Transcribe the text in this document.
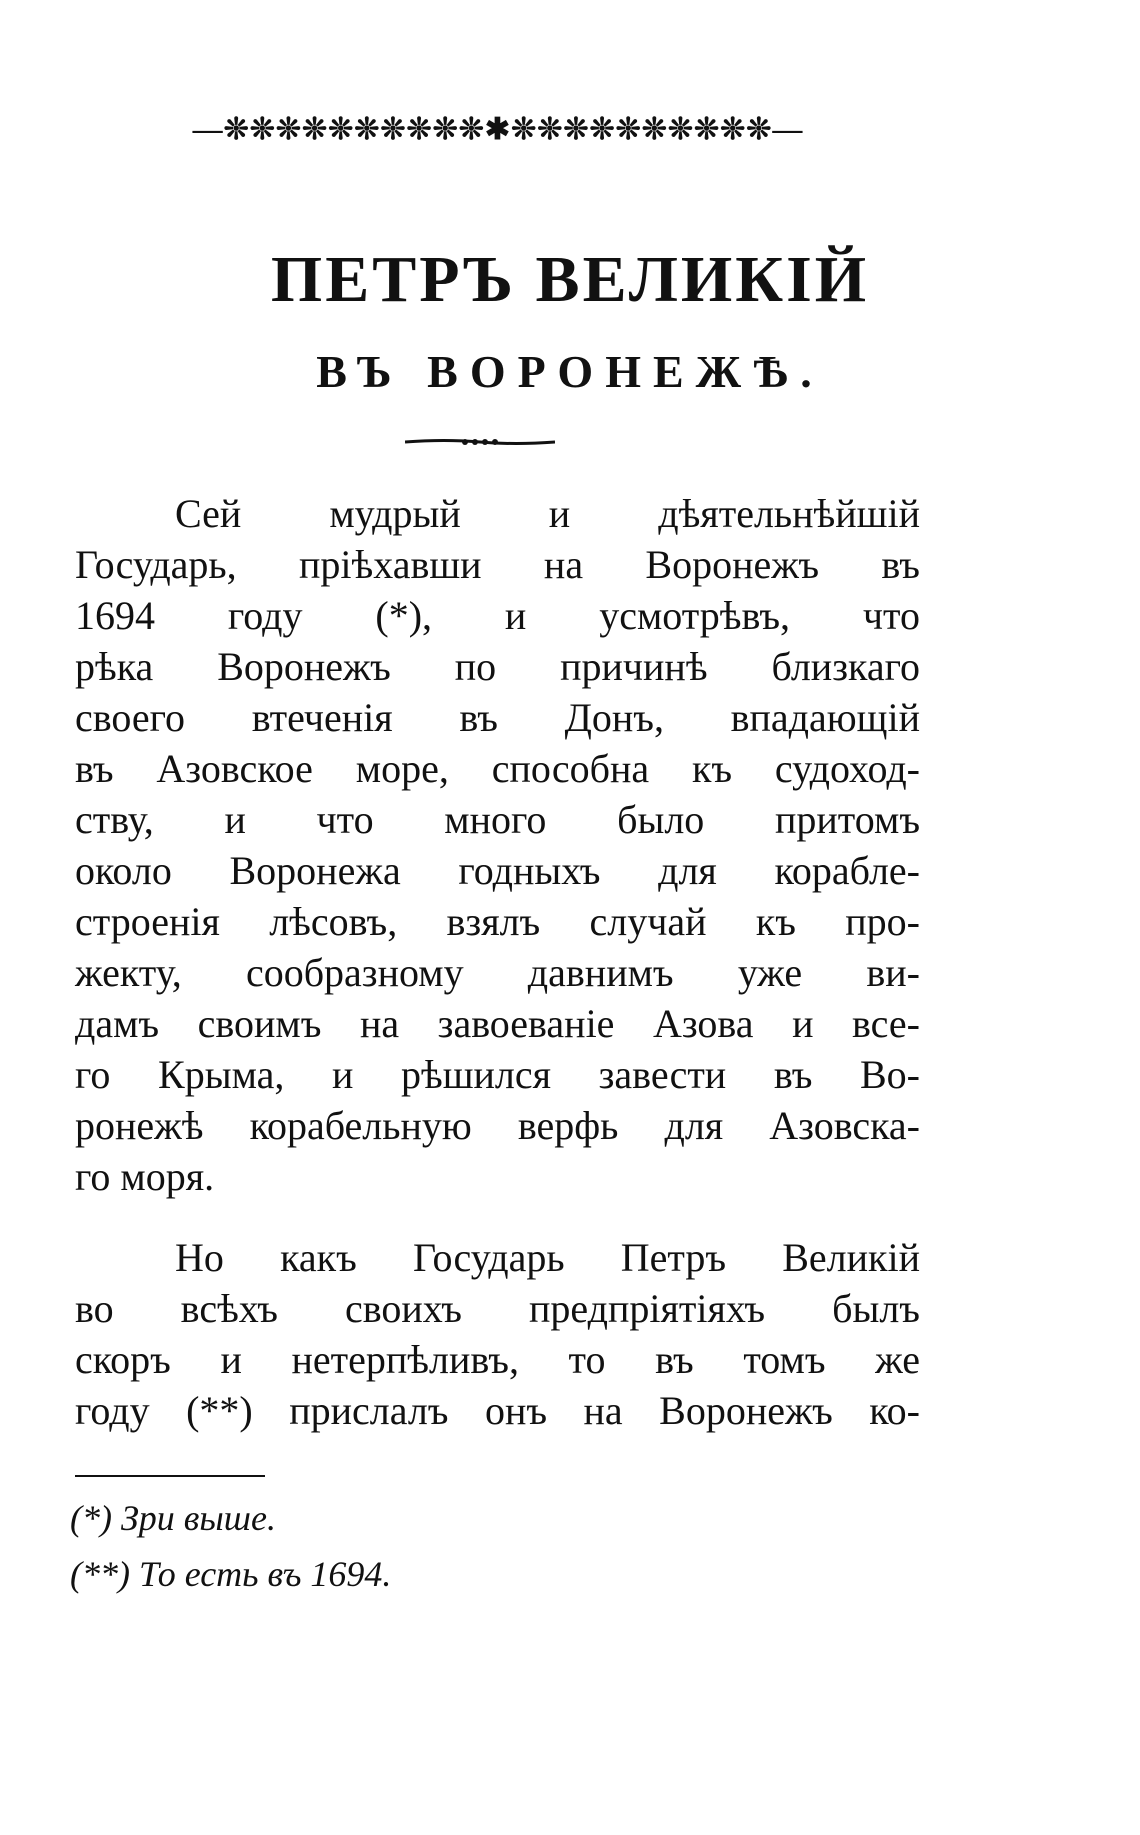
—❊❊❊❊❊❊❊❊❊❊✱❊❊❊❊❊❊❊❊❊❊—
ПЕТРЪ ВЕЛИКІЙ
ВЪ ВОРОНЕЖѢ.
Сей мудрый и дѣятельнѣйшій
Государь, пріѣхавши на Воронежъ въ
1694 году (*), и усмотрѣвъ, что
рѣка Воронежъ по причинѣ близкаго
своего втеченія въ Донъ, впадающій
въ Азовское море, способна къ судоход-
ству, и что много было притомъ
около Воронежа годныхъ для корабле-
строенія лѣсовъ, взялъ случай къ про-
жекту, сообразному давнимъ уже ви-
дамъ своимъ на завоеваніе Азова и все-
го Крыма, и рѣшился завести въ Во-
ронежѣ корабельную верфь для Азовска-
го моря.
Но какъ Государь Петръ Великій
во всѣхъ своихъ предпріятіяхъ былъ
скоръ и нетерпѣливъ, то въ томъ же
году (**) прислалъ онъ на Воронежъ ко-
(*) Зри выше.
(**) То есть въ 1694.
